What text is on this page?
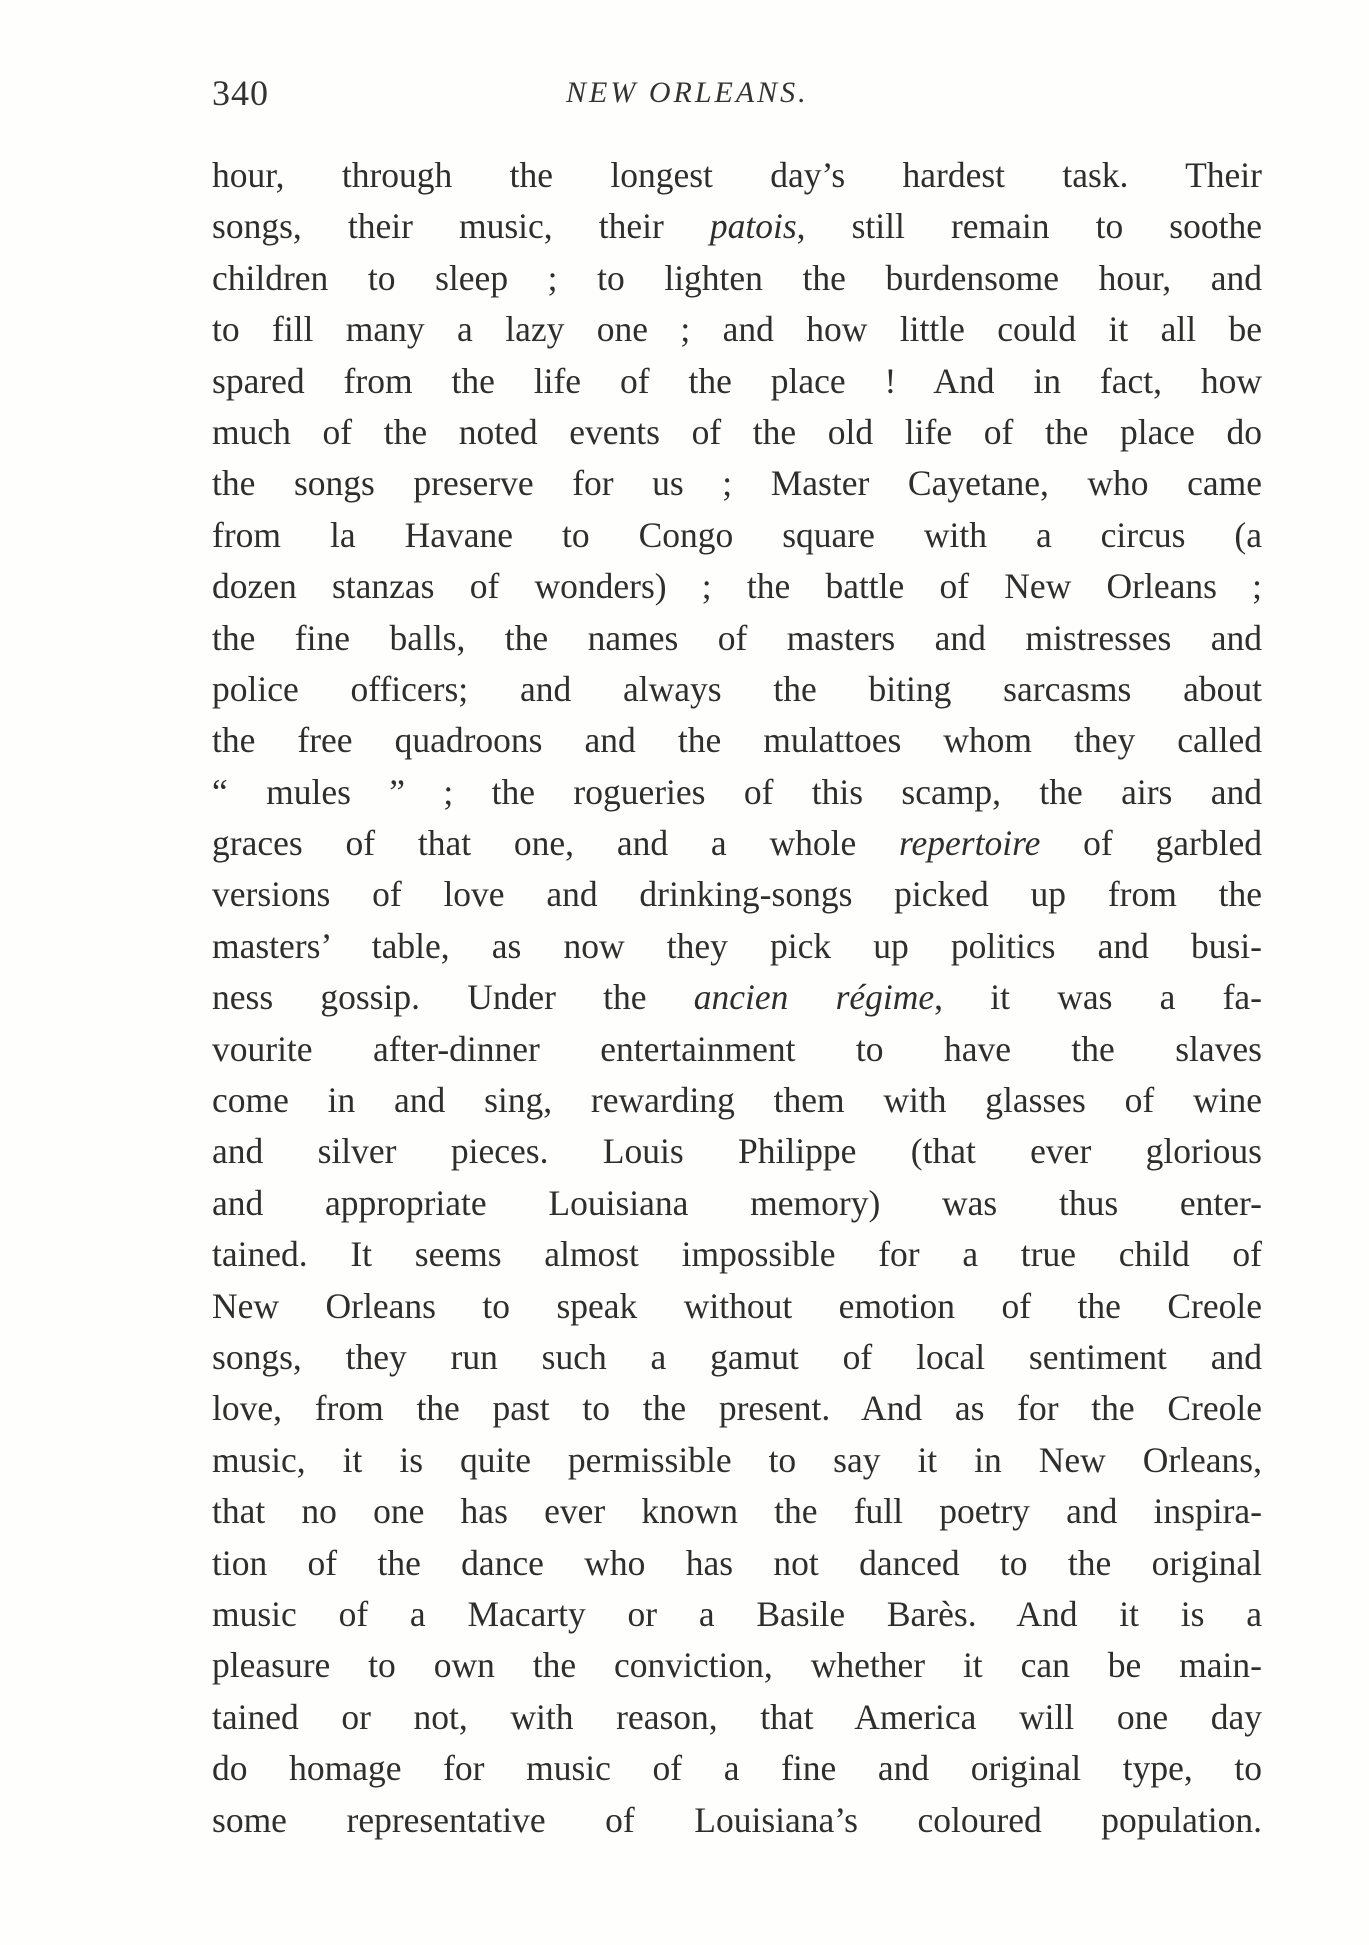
340	NEW ORLEANS.
hour, through the longest day’s hardest task. Their
songs, their music, their patois, still remain to soothe
children to sleep ; to lighten the burdensome hour, and
to fill many a lazy one ; and how little could it all be
spared from the life of the place ! And in fact, how
much of the noted events of the old life of the place do
the songs preserve for us ; Master Cayetane, who came
from la Havane to Congo square with a circus (a
dozen stanzas of wonders) ; the battle of New Orleans ;
the fine balls, the names of masters and mistresses and
police officers; and always the biting sarcasms about
the free quadroons and the mulattoes whom they called
“ mules ” ; the rogueries of this scamp, the airs and
graces of that one, and a whole repertoire of garbled
versions of love and drinking-songs picked up from the
masters’ table, as now they pick up politics and busi-
ness gossip. Under the ancien régime, it was a fa-
vourite after-dinner entertainment to have the slaves
come in and sing, rewarding them with glasses of wine
and silver pieces. Louis Philippe (that ever glorious
and appropriate Louisiana memory) was thus enter-
tained. It seems almost impossible for a true child of
New Orleans to speak without emotion of the Creole
songs, they run such a gamut of local sentiment and
love, from the past to the present. And as for the Creole
music, it is quite permissible to say it in New Orleans,
that no one has ever known the full poetry and inspira-
tion of the dance who has not danced to the original
music of a Macarty or a Basile Barès. And it is a
pleasure to own the conviction, whether it can be main-
tained or not, with reason, that America will one day
do homage for music of a fine and original type, to
some representative of Louisiana’s coloured population.
